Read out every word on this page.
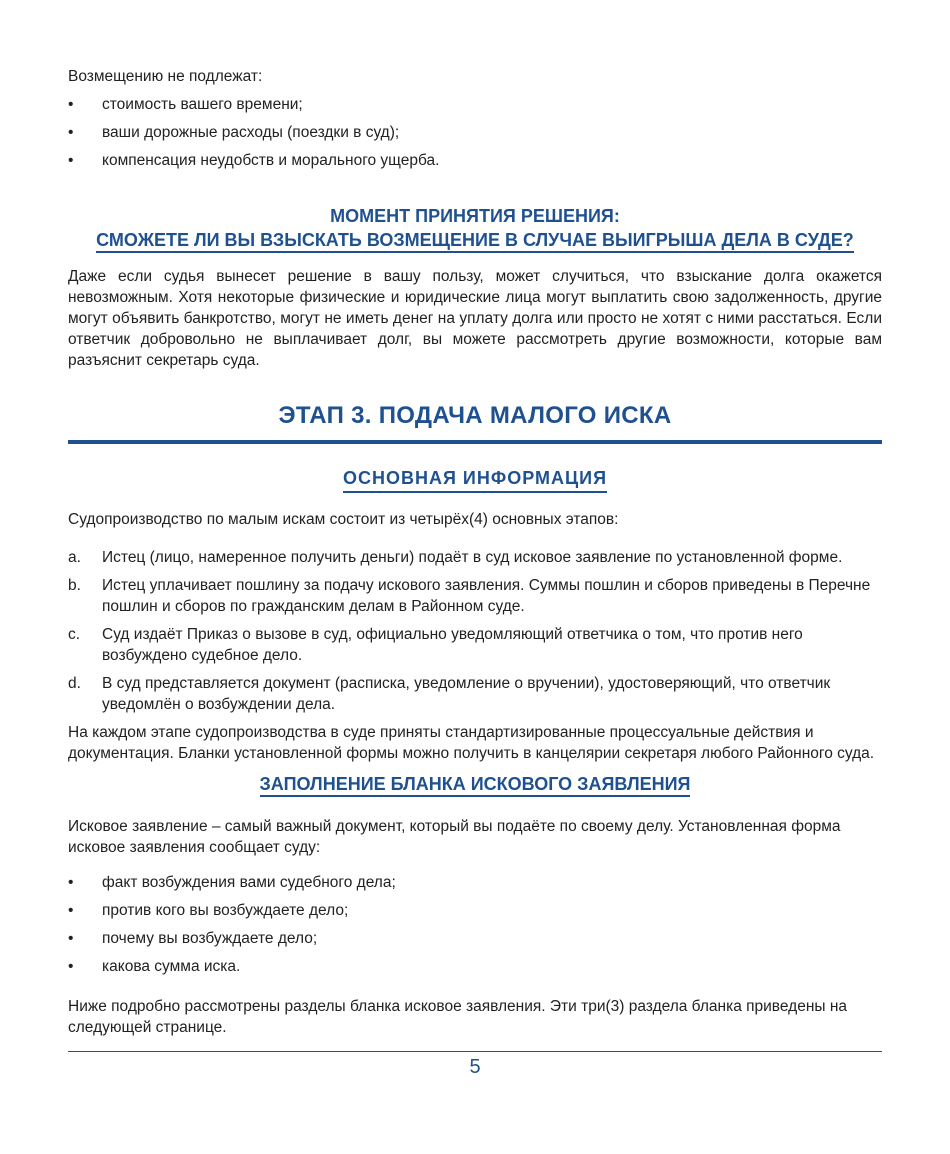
Возмещению не подлежат:

• стоимость вашего времени;
• ваши дорожные расходы (поездки в суд);
• компенсация неудобств и морального ущерба.
МОМЕНТ ПРИНЯТИЯ РЕШЕНИЯ:
СМОЖЕТЕ ЛИ ВЫ ВЗЫСКАТЬ ВОЗМЕЩЕНИЕ В СЛУЧАЕ ВЫИГРЫША ДЕЛА В СУДЕ?

Даже если судья вынесет решение в вашу пользу, может случиться, что взыскание долга окажется невозможным. Хотя некоторые физические и юридические лица могут выплатить свою задолженность, другие могут объявить банкротство, могут не иметь денег на уплату долга или просто не хотят с ними расстаться. Если ответчик добровольно не выплачивает долг, вы можете рассмотреть другие возможности, которые вам разъяснит секретарь суда.

ЭТАП 3. ПОДАЧА МАЛОГО ИСКА
ОСНОВНАЯ ИНФОРМАЦИЯ

Судопроизводство по малым искам состоит из четырёх(4) основных этапов:

a. Истец (лицо, намеренное получить деньги) подаёт в суд исковое заявление по установленной форме.
b. Истец уплачивает пошлину за подачу искового заявления. Суммы пошлин и сборов приведены в Перечне пошлин и сборов по гражданским делам в Районном суде.
c. Суд издаёт Приказ о вызове в суд, официально уведомляющий ответчика о том, что против него возбуждено судебное дело.
d. В суд представляется документ (расписка, уведомление о вручении), удостоверяющий, что ответчик уведомлён о возбуждении дела.

На каждом этапе судопроизводства в суде приняты стандартизированные процессуальные действия и документация. Бланки установленной формы можно получить в канцелярии секретаря любого Районного суда.

ЗАПОЛНЕНИЕ БЛАНКА ИСКОВОГО ЗАЯВЛЕНИЯ

Исковое заявление – самый важный документ, который вы подаёте по своему делу. Установленная форма исковое заявления сообщает суду:

• факт возбуждения вами судебного дела;
• против кого вы возбуждаете дело;
• почему вы возбуждаете дело;
• какова сумма иска.

Ниже подробно рассмотрены разделы бланка исковое заявления. Эти три(3) раздела бланка приведены на следующей странице.

5
